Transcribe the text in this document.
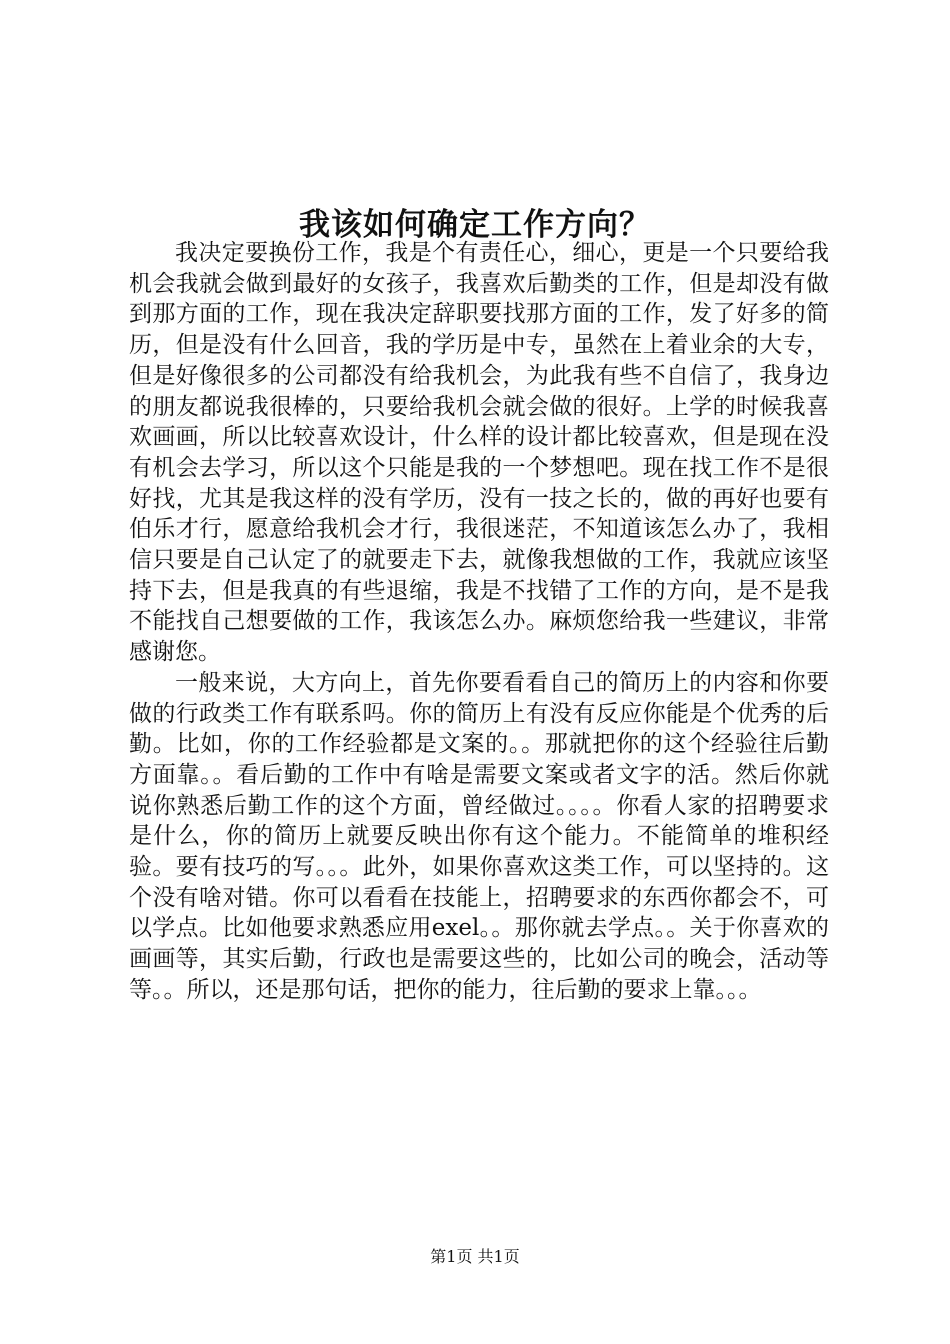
我该如何确定工作方向？

我决定要换份工作，我是个有责任心，细心，更是一个只要给我机会我就会做到最好的女孩子，我喜欢后勤类的工作，但是却没有做到那方面的工作，现在我决定辞职要找那方面的工作，发了好多的简历，但是没有什么回音，我的学历是中专，虽然在上着业余的大专，但是好像很多的公司都没有给我机会，为此我有些不自信了，我身边的朋友都说我很棒的，只要给我机会就会做的很好。上学的时候我喜欢画画，所以比较喜欢设计，什么样的设计都比较喜欢，但是现在没有机会去学习，所以这个只能是我的一个梦想吧。现在找工作不是很好找，尤其是我这样的没有学历，没有一技之长的，做的再好也要有伯乐才行，愿意给我机会才行，我很迷茫，不知道该怎么办了，我相信只要是自己认定了的就要走下去，就像我想做的工作，我就应该坚持下去，但是我真的有些退缩，我是不找错了工作的方向，是不是我不能找自己想要做的工作，我该怎么办。麻烦您给我一些建议，非常感谢您。

一般来说，大方向上，首先你要看看自己的简历上的内容和你要做的行政类工作有联系吗。你的简历上有没有反应你能是个优秀的后勤。比如，你的工作经验都是文案的。。那就把你的这个经验往后勤方面靠。。看后勤的工作中有啥是需要文案或者文字的活。然后你就说你熟悉后勤工作的这个方面，曾经做过。。。。你看人家的招聘要求是什么，你的简历上就要反映出你有这个能力。不能简单的堆积经验。要有技巧的写。。。此外，如果你喜欢这类工作，可以坚持的。这个没有啥对错。你可以看看在技能上，招聘要求的东西你都会不，可以学点。比如他要求熟悉应用exel。。那你就去学点。。关于你喜欢的画画等，其实后勤，行政也是需要这些的，比如公司的晚会，活动等等。。所以，还是那句话，把你的能力，往后勤的要求上靠。。。

第1页 共1页
